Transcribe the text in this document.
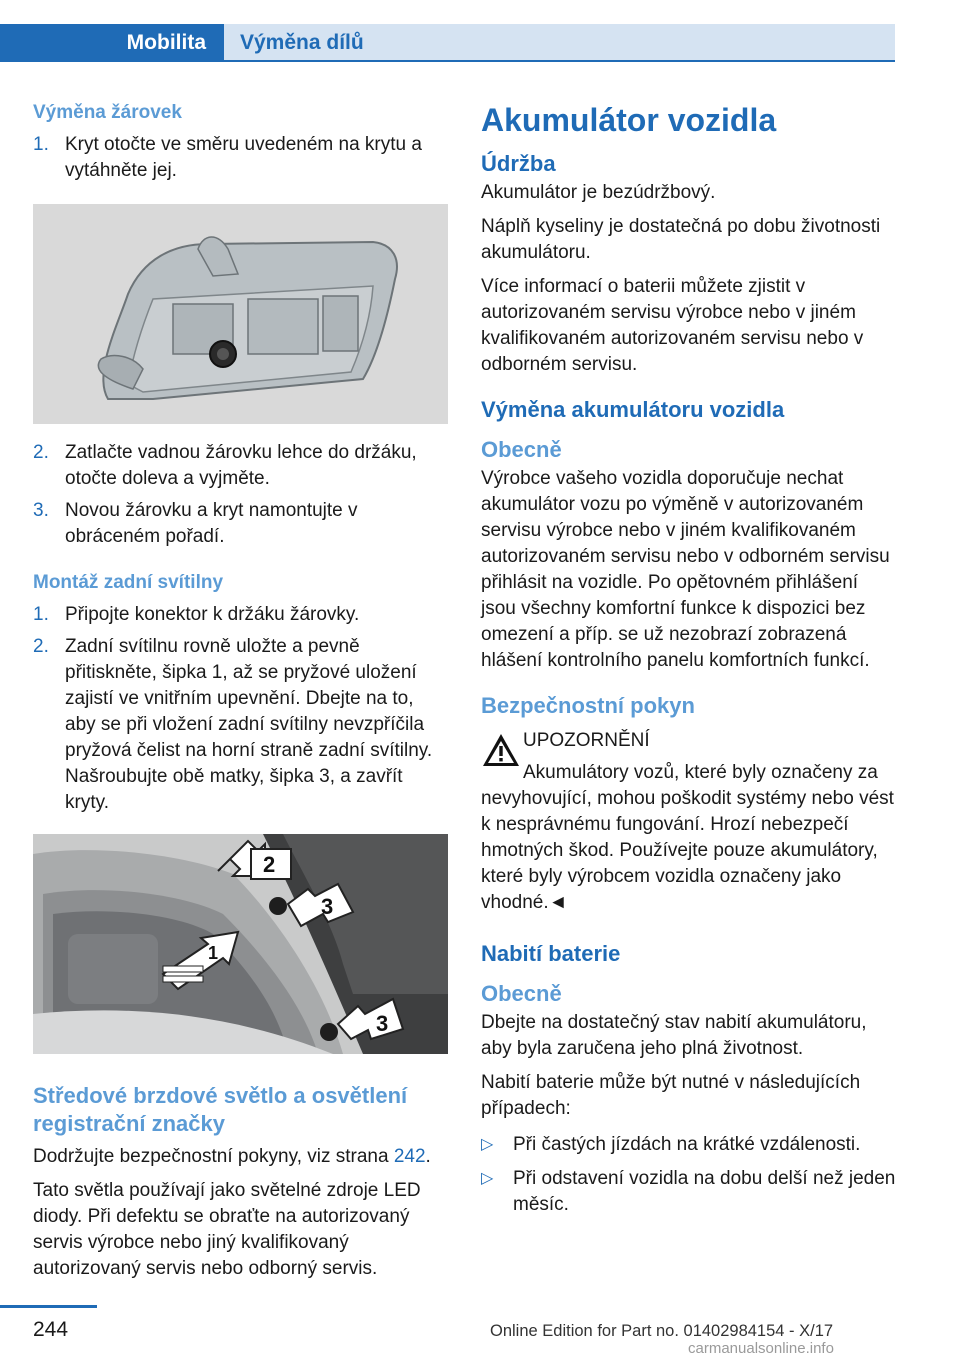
Mobilita	Výměna dílů
Výměna žárovek
1. Kryt otočte ve směru uvedeném na krytu a vytáhněte jej.
2. Zatlačte vadnou žárovku lehce do držáku, otočte doleva a vyjměte.
3. Novou žárovku a kryt namontujte v obráceném pořadí.
Montáž zadní svítilny
1. Připojte konektor k držáku žárovky.
2. Zadní svítilnu rovně uložte a pevně přitiskněte, šipka 1, až se pryžové uložení zajistí ve vnitřním upevnění. Dbejte na to, aby se při vložení zadní svítilny nevzpříčila pryžová čelist na horní straně zadní svítilny. Našroubujte obě matky, šipka 3, a zavřít kryty.
2
3
1
3
Středové brzdové světlo a osvětlení registrační značky
Dodržujte bezpečnostní pokyny, viz strana 242.
Tato světla používají jako světelné zdroje LED diody. Při defektu se obraťte na autorizovaný servis výrobce nebo jiný kvalifikovaný autorizovaný servis nebo odborný servis.
Akumulátor vozidla
Údržba
Akumulátor je bezúdržbový.
Náplň kyseliny je dostatečná po dobu životnosti akumulátoru.
Více informací o baterii můžete zjistit v autorizovaném servisu výrobce nebo v jiném kvalifikovaném autorizovaném servisu nebo v odborném servisu.
Výměna akumulátoru vozidla
Obecně
Výrobce vašeho vozidla doporučuje nechat akumulátor vozu po výměně v autorizovaném servisu výrobce nebo v jiném kvalifikovaném autorizovaném servisu nebo v odborném servisu přihlásit na vozidle. Po opětovném přihlášení jsou všechny komfortní funkce k dispozici bez omezení a příp. se už nezobrazí zobrazená hlášení kontrolního panelu komfortních funkcí.
Bezpečnostní pokyn
UPOZORNĚNÍ
Akumulátory vozů, které byly označeny za nevyhovující, mohou poškodit systémy nebo vést k nesprávnému fungování. Hrozí nebezpečí hmotných škod. Používejte pouze akumulátory, které byly výrobcem vozidla označeny jako vhodné.◄
Nabití baterie
Obecně
Dbejte na dostatečný stav nabití akumulátoru, aby byla zaručena jeho plná životnost.
Nabití baterie může být nutné v následujících případech:
▷ Při častých jízdách na krátké vzdálenosti.
▷ Při odstavení vozidla na dobu delší než jeden měsíc.
244	Online Edition for Part no. 01402984154 - X/17
carmanualsonline.info
